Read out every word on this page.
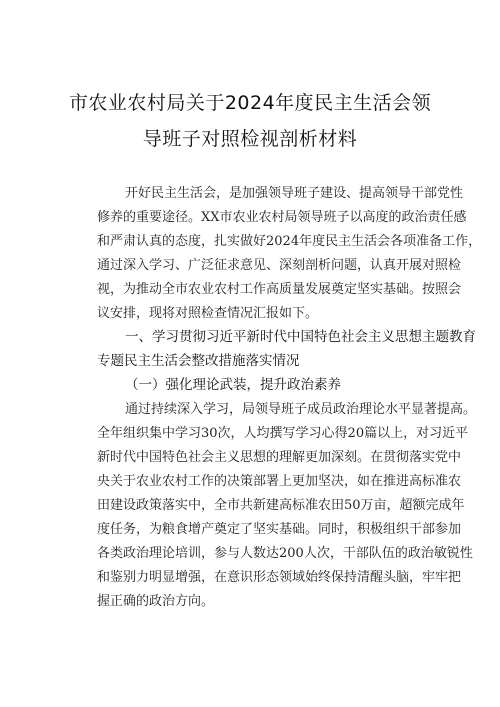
市农业农村局关于2024年度民主生活会领
导班子对照检视剖析材料
开好民主生活会，是加强领导班子建设、提高领导干部党性
修养的重要途径。XX市农业农村局领导班子以高度的政治责任感
和严肃认真的态度，扎实做好2024年度民主生活会各项准备工作，
通过深入学习、广泛征求意见、深刻剖析问题，认真开展对照检
视，为推动全市农业农村工作高质量发展奠定坚实基础。按照会
议安排，现将对照检查情况汇报如下。
一、学习贯彻习近平新时代中国特色社会主义思想主题教育
专题民主生活会整改措施落实情况
（一）强化理论武装，提升政治素养
通过持续深入学习，局领导班子成员政治理论水平显著提高。
全年组织集中学习30次，人均撰写学习心得20篇以上，对习近平
新时代中国特色社会主义思想的理解更加深刻。在贯彻落实党中
央关于农业农村工作的决策部署上更加坚决，如在推进高标准农
田建设政策落实中，全市共新建高标准农田50万亩，超额完成年
度任务，为粮食增产奠定了坚实基础。同时，积极组织干部参加
各类政治理论培训，参与人数达200人次，干部队伍的政治敏锐性
和鉴别力明显增强，在意识形态领域始终保持清醒头脑，牢牢把
握正确的政治方向。
